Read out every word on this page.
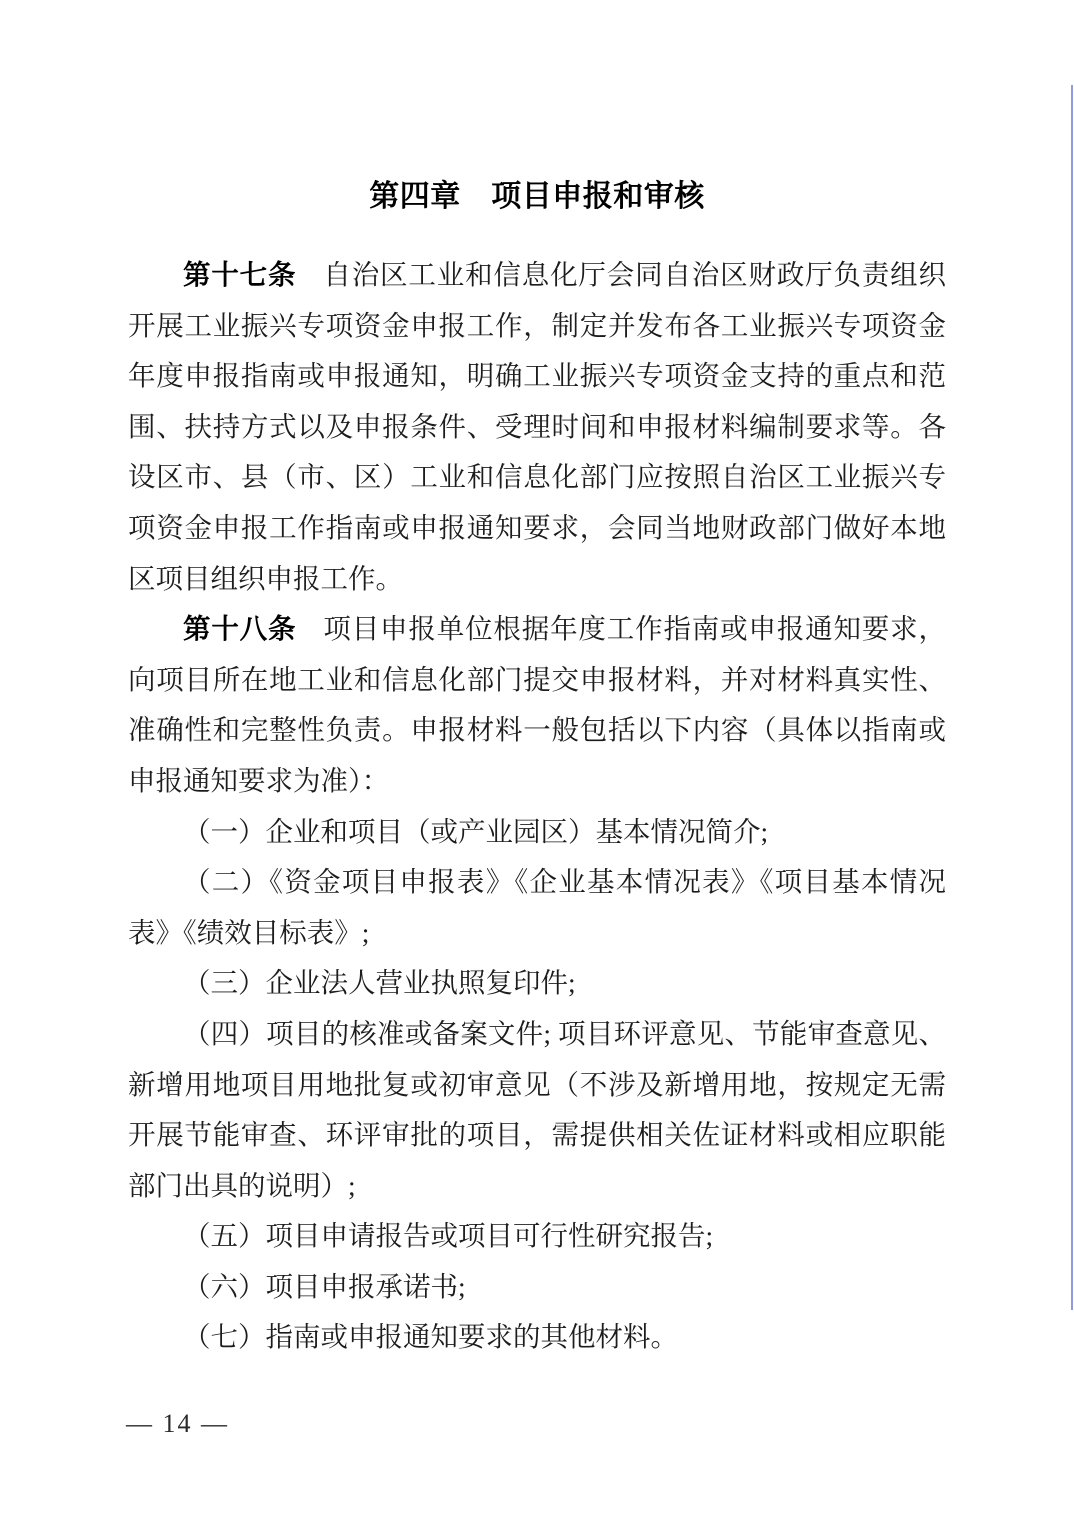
第四章　项目申报和审核

第十七条 自治区工业和信息化厅会同自治区财政厅负责组织开展工业振兴专项资金申报工作，制定并发布各工业振兴专项资金年度申报指南或申报通知，明确工业振兴专项资金支持的重点和范围、扶持方式以及申报条件、受理时间和申报材料编制要求等。各设区市、县（市、区）工业和信息化部门应按照自治区工业振兴专项资金申报工作指南或申报通知要求，会同当地财政部门做好本地区项目组织申报工作。

第十八条 项目申报单位根据年度工作指南或申报通知要求，向项目所在地工业和信息化部门提交申报材料，并对材料真实性、准确性和完整性负责。申报材料一般包括以下内容（具体以指南或申报通知要求为准）：

（一）企业和项目（或产业园区）基本情况简介;

（二）《资金项目申报表》《企业基本情况表》《项目基本情况表》《绩效目标表》;

（三）企业法人营业执照复印件;

（四）项目的核准或备案文件; 项目环评意见、节能审查意见、新增用地项目用地批复或初审意见（不涉及新增用地，按规定无需开展节能审查、环评审批的项目，需提供相关佐证材料或相应职能部门出具的说明）;

（五）项目申请报告或项目可行性研究报告;

（六）项目申报承诺书;

（七）指南或申报通知要求的其他材料。

— 14 —
